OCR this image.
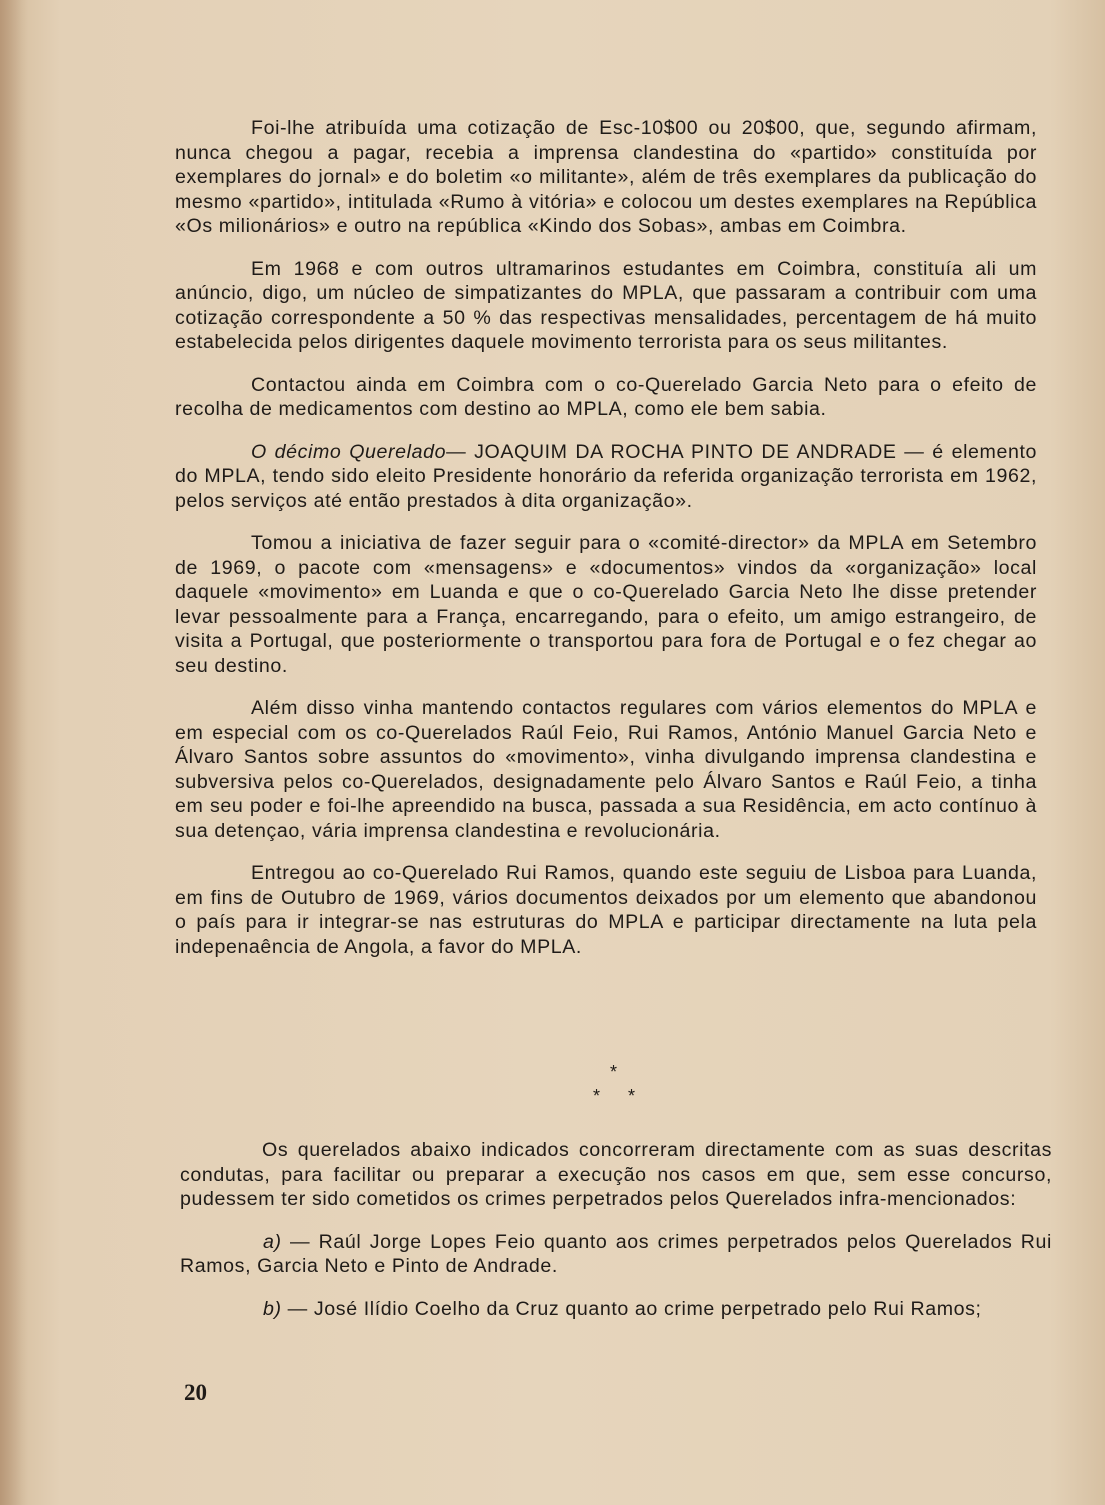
Foi-lhe atribuída uma cotização de Esc-10$00 ou 20$00, que, segundo afirmam, nunca chegou a pagar, recebia a imprensa clandestina do «partido» constituída por exemplares do jornal» e do boletim «o militante», além de três exemplares da publicação do mesmo «partido», intitulada «Rumo à vitória» e colocou um destes exemplares na República «Os milionários» e outro na república «Kindo dos Sobas», ambas em Coimbra.

Em 1968 e com outros ultramarinos estudantes em Coimbra, constituía ali um anúncio, digo, um núcleo de simpatizantes do MPLA, que passaram a contribuir com uma cotização correspondente a 50 % das respectivas mensalidades, percentagem de há muito estabelecida pelos dirigentes daquele movimento terrorista para os seus militantes.

Contactou ainda em Coimbra com o co-Querelado Garcia Neto para o efeito de recolha de medicamentos com destino ao MPLA, como ele bem sabia.

O décimo Querelado— JOAQUIM DA ROCHA PINTO DE ANDRADE — é elemento do MPLA, tendo sido eleito Presidente honorário da referida organização terrorista em 1962, pelos serviços até então prestados à dita organização».

Tomou a iniciativa de fazer seguir para o «comité-director» da MPLA em Setembro de 1969, o pacote com «mensagens» e «documentos» vindos da «organização» local daquele «movimento» em Luanda e que o co-Querelado Garcia Neto lhe disse pretender levar pessoalmente para a França, encarregando, para o efeito, um amigo estrangeiro, de visita a Portugal, que posteriormente o transportou para fora de Portugal e o fez chegar ao seu destino.

Além disso vinha mantendo contactos regulares com vários elementos do MPLA e em especial com os co-Querelados Raúl Feio, Rui Ramos, António Manuel Garcia Neto e Álvaro Santos sobre assuntos do «movimento», vinha divulgando imprensa clandestina e subversiva pelos co-Querelados, designadamente pelo Álvaro Santos e Raúl Feio, a tinha em seu poder e foi-lhe apreendido na busca, passada a sua Residência, em acto contínuo à sua detençao, vária imprensa clandestina e revolucionária.

Entregou ao co-Querelado Rui Ramos, quando este seguiu de Lisboa para Luanda, em fins de Outubro de 1969, vários documentos deixados por um elemento que abandonou o país para ir integrar-se nas estruturas do MPLA e participar directamente na luta pela indepenaência de Angola, a favor do MPLA.

*
* *

Os querelados abaixo indicados concorreram directamente com as suas descritas condutas, para facilitar ou preparar a execução nos casos em que, sem esse concurso, pudessem ter sido cometidos os crimes perpetrados pelos Querelados infra-mencionados:

a) — Raúl Jorge Lopes Feio quanto aos crimes perpetrados pelos Querelados Rui Ramos, Garcia Neto e Pinto de Andrade.

b) — José Ilídio Coelho da Cruz quanto ao crime perpetrado pelo Rui Ramos;

20
